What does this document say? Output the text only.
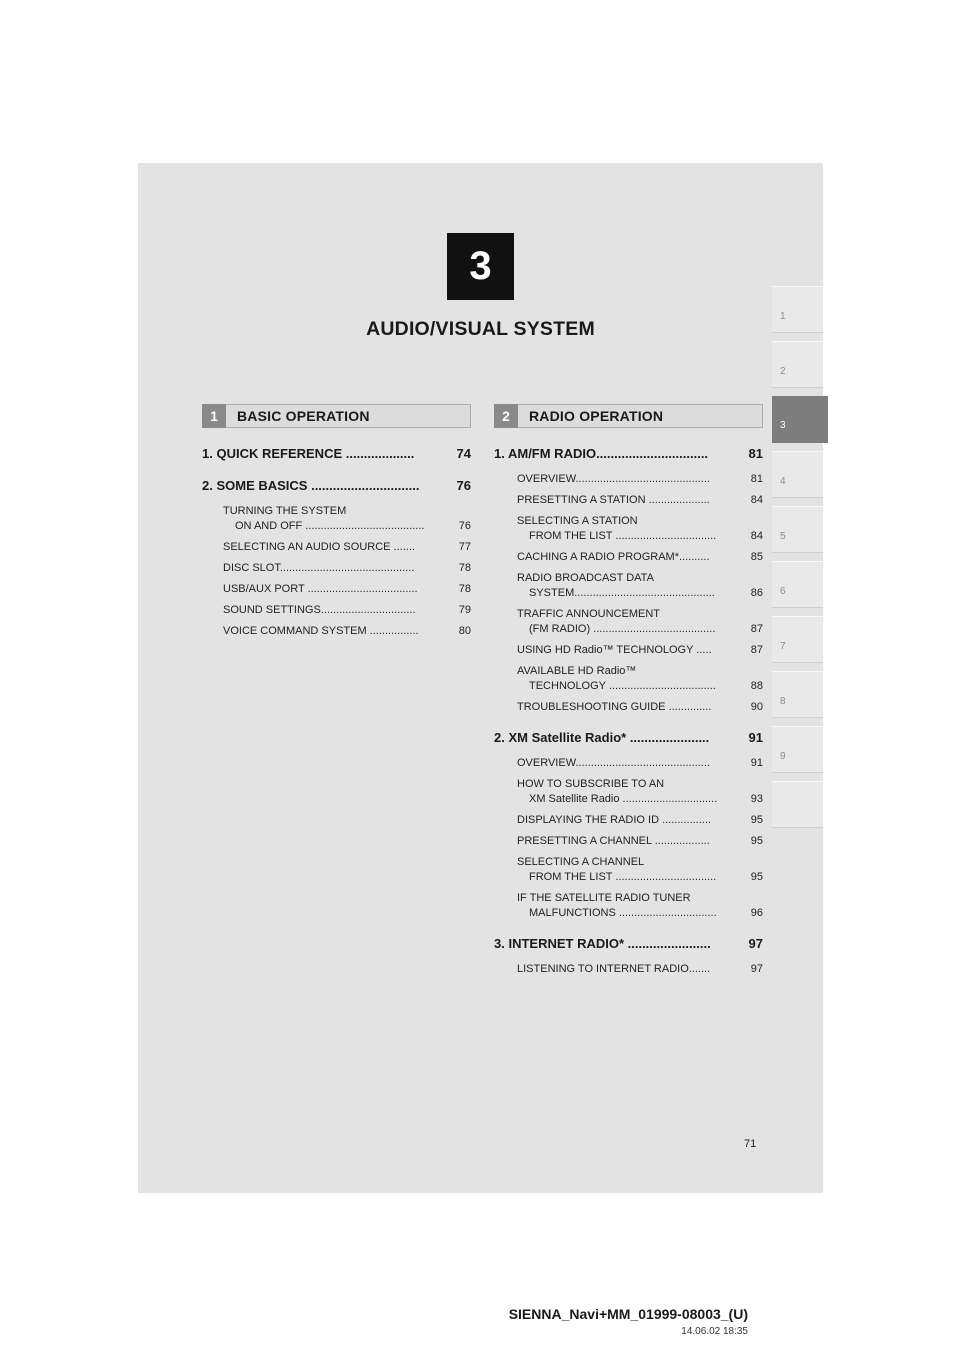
3
AUDIO/VISUAL SYSTEM
1
2
3
4
5
6
7
8
9
1	BASIC OPERATION	2	RADIO OPERATION
1. QUICK REFERENCE ...................	74
2. SOME BASICS ..............................	76
TURNING THE SYSTEM
ON AND OFF .......................................	76
SELECTING AN AUDIO SOURCE .......	77
DISC SLOT............................................	78
USB/AUX PORT ....................................	78
SOUND SETTINGS...............................	79
VOICE COMMAND SYSTEM ................	80
1. AM/FM RADIO...............................	81
OVERVIEW............................................	81
PRESETTING A STATION ....................	84
SELECTING A STATION
FROM THE LIST .................................	84
CACHING A RADIO PROGRAM*..........	85
RADIO BROADCAST DATA
SYSTEM..............................................	86
TRAFFIC ANNOUNCEMENT
(FM RADIO) ........................................	87
USING HD Radio™ TECHNOLOGY .....	87
AVAILABLE HD Radio™
TECHNOLOGY ...................................	88
TROUBLESHOOTING GUIDE ..............	90
2. XM Satellite Radio* ......................	91
OVERVIEW............................................	91
HOW TO SUBSCRIBE TO AN
XM Satellite Radio ...............................	93
DISPLAYING THE RADIO ID ................	95
PRESETTING A CHANNEL ..................	95
SELECTING A CHANNEL
FROM THE LIST .................................	95
IF THE SATELLITE RADIO TUNER
MALFUNCTIONS ................................	96
3. INTERNET RADIO* .......................	97
LISTENING TO INTERNET RADIO.......	97
71
SIENNA_Navi+MM_01999-08003_(U)
14.06.02 18:35
